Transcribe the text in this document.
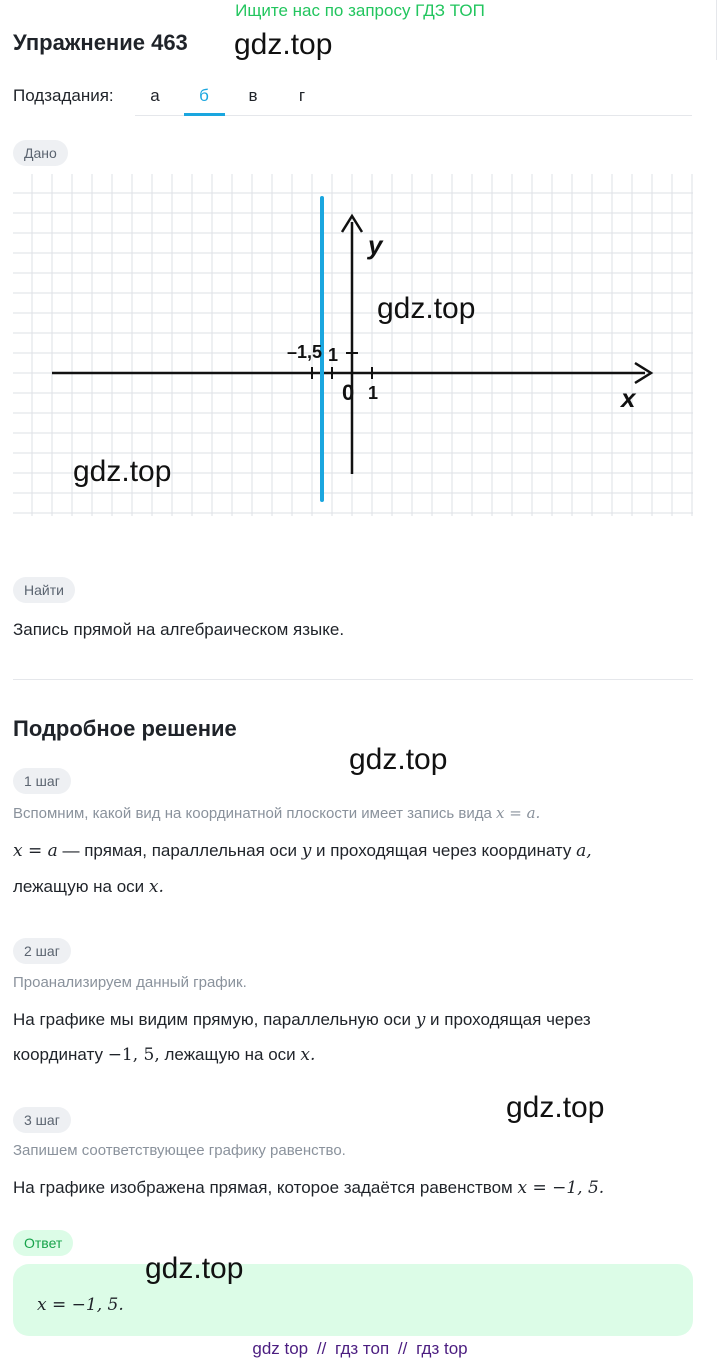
Ищите нас по запросу ГДЗ ТОП
Упражнение 463 gdz.top
Подзадания:	а	б	в	г
Дано
y
x
0 1
1
–1,5
gdz.top
gdz.top
Найти
Запись прямой на алгебраическом языке.
Подробное решение
gdz.top
1 шаг
Вспомним, какой вид на координатной плоскости имеет запись вида x = a.
x = a — прямая, параллельная оси y и проходящая через координату a,
лежащую на оси x.
2 шаг
Проанализируем данный график.
На графике мы видим прямую, параллельную оси y и проходящая через
координату −1, 5, лежащую на оси x.
3 шаг	gdz.top
Запишем соответствующее графику равенство.
На графике изображена прямая, которое задаётся равенством x = −1, 5.
Ответ
x = −1, 5.
gdz.top
gdz top // гдз топ // гдз top
